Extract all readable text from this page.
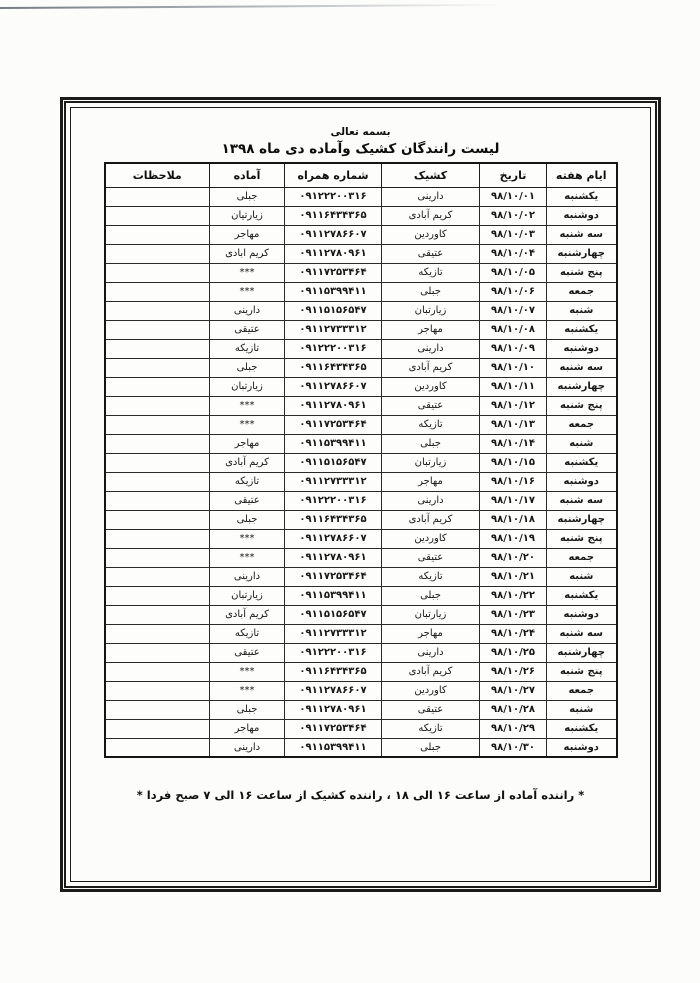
بسمه تعالی
لیست رانندگان کشیک وآماده دی ماه ۱۳۹۸
ایام هفته	تاریخ	کشیک	شماره همراه	آماده	ملاحظات
یکشنبه	۹۸/۱۰/۰۱	دارینی	۰۹۱۲۲۲۰۰۳۱۶	جبلی	
دوشنبه	۹۸/۱۰/۰۲	کریم آبادی	۰۹۱۱۶۴۳۴۳۶۵	زیارتیان	
سه شنبه	۹۸/۱۰/۰۳	کاوردین	۰۹۱۱۲۷۸۶۶۰۷	مهاجر	
چهارشنبه	۹۸/۱۰/۰۴	عتیقی	۰۹۱۱۲۷۸۰۹۶۱	کریم ابادی	
پنج شنبه	۹۸/۱۰/۰۵	تازیکه	۰۹۱۱۷۲۵۳۴۶۴	***	
جمعه	۹۸/۱۰/۰۶	جبلی	۰۹۱۱۵۳۹۹۴۱۱	***	
شنبه	۹۸/۱۰/۰۷	زیارتبان	۰۹۱۱۵۱۵۶۵۴۷	دارینی	
یکشنبه	۹۸/۱۰/۰۸	مهاجر	۰۹۱۱۲۷۳۳۳۱۲	عتیقی	
دوشنبه	۹۸/۱۰/۰۹	دارینی	۰۹۱۲۲۲۰۰۳۱۶	تازیکه	
سه شنبه	۹۸/۱۰/۱۰	کریم آبادی	۰۹۱۱۶۴۳۴۳۶۵	جبلی	
چهارشنبه	۹۸/۱۰/۱۱	کاوردین	۰۹۱۱۲۷۸۶۶۰۷	زیارتبان	
پنج شنبه	۹۸/۱۰/۱۲	عتیقی	۰۹۱۱۲۷۸۰۹۶۱	***	
جمعه	۹۸/۱۰/۱۳	تازیکه	۰۹۱۱۷۲۵۳۴۶۴	***	
شنبه	۹۸/۱۰/۱۴	جبلی	۰۹۱۱۵۳۹۹۴۱۱	مهاجر	
یکشنبه	۹۸/۱۰/۱۵	زیارتبان	۰۹۱۱۵۱۵۶۵۴۷	کریم آبادی	
دوشنبه	۹۸/۱۰/۱۶	مهاجر	۰۹۱۱۲۷۳۳۳۱۲	تازیکه	
سه شنبه	۹۸/۱۰/۱۷	دارینی	۰۹۱۲۲۲۰۰۳۱۶	عتیقی	
چهارشنبه	۹۸/۱۰/۱۸	کریم آبادی	۰۹۱۱۶۴۳۴۳۶۵	جبلی	
پنج شنبه	۹۸/۱۰/۱۹	کاوردین	۰۹۱۱۲۷۸۶۶۰۷	***	
جمعه	۹۸/۱۰/۲۰	عتیقی	۰۹۱۱۲۷۸۰۹۶۱	***	
شنبه	۹۸/۱۰/۲۱	تازیکه	۰۹۱۱۷۲۵۳۴۶۴	دارینی	
یکشنبه	۹۸/۱۰/۲۲	جبلی	۰۹۱۱۵۳۹۹۴۱۱	زیارتبان	
دوشنبه	۹۸/۱۰/۲۳	زیارتبان	۰۹۱۱۵۱۵۶۵۴۷	کریم آبادی	
سه شنبه	۹۸/۱۰/۲۴	مهاجر	۰۹۱۱۲۷۳۳۳۱۲	تازیکه	
چهارشنبه	۹۸/۱۰/۲۵	دارینی	۰۹۱۲۲۲۰۰۳۱۶	عتیقی	
پنج شنبه	۹۸/۱۰/۲۶	کریم آبادی	۰۹۱۱۶۴۳۴۳۶۵	***	
جمعه	۹۸/۱۰/۲۷	کاوردین	۰۹۱۱۲۷۸۶۶۰۷	***	
شنبه	۹۸/۱۰/۲۸	عتیقی	۰۹۱۱۲۷۸۰۹۶۱	جبلی	
یکشنبه	۹۸/۱۰/۲۹	تازیکه	۰۹۱۱۷۲۵۳۴۶۴	مهاجر	
دوشنبه	۹۸/۱۰/۳۰	جبلی	۰۹۱۱۵۳۹۹۴۱۱	دارینی	
* راننده آماده از ساعت ۱۶ الی ۱۸ ، راننده کشیک از ساعت ۱۶ الی ۷ صبح فردا *
